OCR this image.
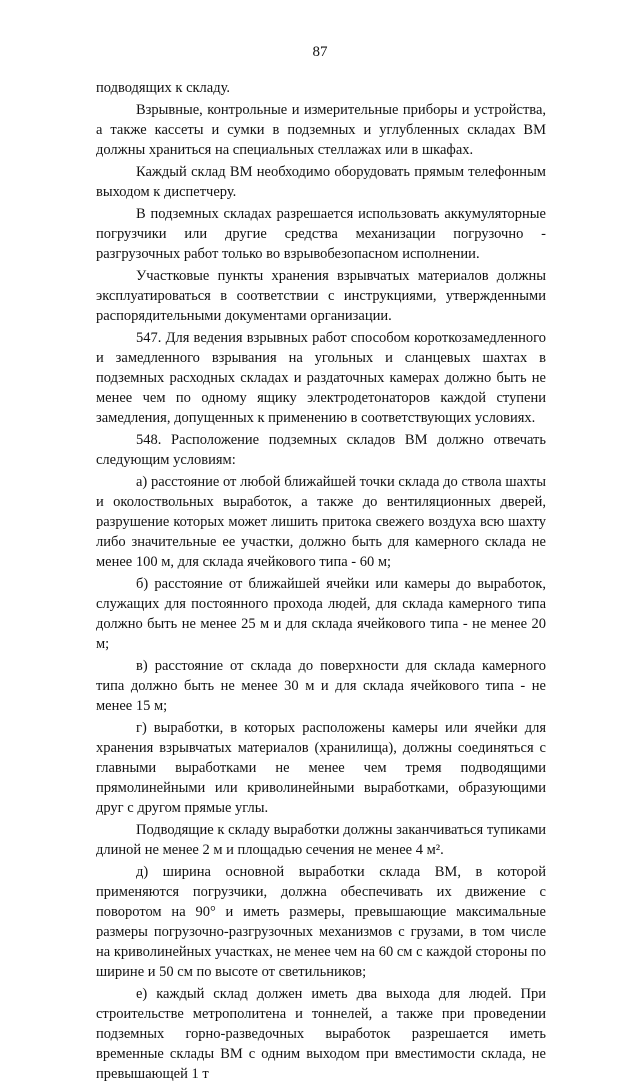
87

подводящих к складу.

Взрывные, контрольные и измерительные приборы и устройства, а также кассеты и сумки в подземных и углубленных складах ВМ должны храниться на специальных стеллажах или в шкафах.

Каждый склад ВМ необходимо оборудовать прямым телефонным выходом к диспетчеру.

В подземных складах разрешается использовать аккумуляторные погрузчики или другие средства механизации погрузочно - разгрузочных работ только во взрывобезопасном исполнении.

Участковые пункты хранения взрывчатых материалов должны эксплуатироваться в соответствии с инструкциями, утвержденными распорядительными документами организации.

547. Для ведения взрывных работ способом короткозамедленного и замедленного взрывания на угольных и сланцевых шахтах в подземных расходных складах и раздаточных камерах должно быть не менее чем по одному ящику электродетонаторов каждой ступени замедления, допущенных к применению в соответствующих условиях.

548. Расположение подземных складов ВМ должно отвечать следующим условиям:

а) расстояние от любой ближайшей точки склада до ствола шахты и околоствольных выработок, а также до вентиляционных дверей, разрушение которых может лишить притока свежего воздуха всю шахту либо значительные ее участки, должно быть для камерного склада не менее 100 м, для склада ячейкового типа - 60 м;

б) расстояние от ближайшей ячейки или камеры до выработок, служащих для постоянного прохода людей, для склада камерного типа должно быть не менее 25 м и для склада ячейкового типа - не менее 20 м;

в) расстояние от склада до поверхности для склада камерного типа должно быть не менее 30 м и для склада ячейкового типа - не менее 15 м;

г) выработки, в которых расположены камеры или ячейки для хранения взрывчатых материалов (хранилища), должны соединяться с главными выработками не менее чем тремя подводящими прямолинейными или криволинейными выработками, образующими друг с другом прямые углы.

Подводящие к складу выработки должны заканчиваться тупиками длиной не менее 2 м и площадью сечения не менее 4 м².

д) ширина основной выработки склада ВМ, в которой применяются погрузчики, должна обеспечивать их движение с поворотом на 90° и иметь размеры, превышающие максимальные размеры погрузочно-разгрузочных механизмов с грузами, в том числе на криволинейных участках, не менее чем на 60 см с каждой стороны по ширине и 50 см по высоте от светильников;

е) каждый склад должен иметь два выхода для людей. При строительстве метрополитена и тоннелей, а также при проведении подземных горно-разведочных выработок разрешается иметь временные склады ВМ с одним выходом при вместимости склада, не превышающей 1 т
